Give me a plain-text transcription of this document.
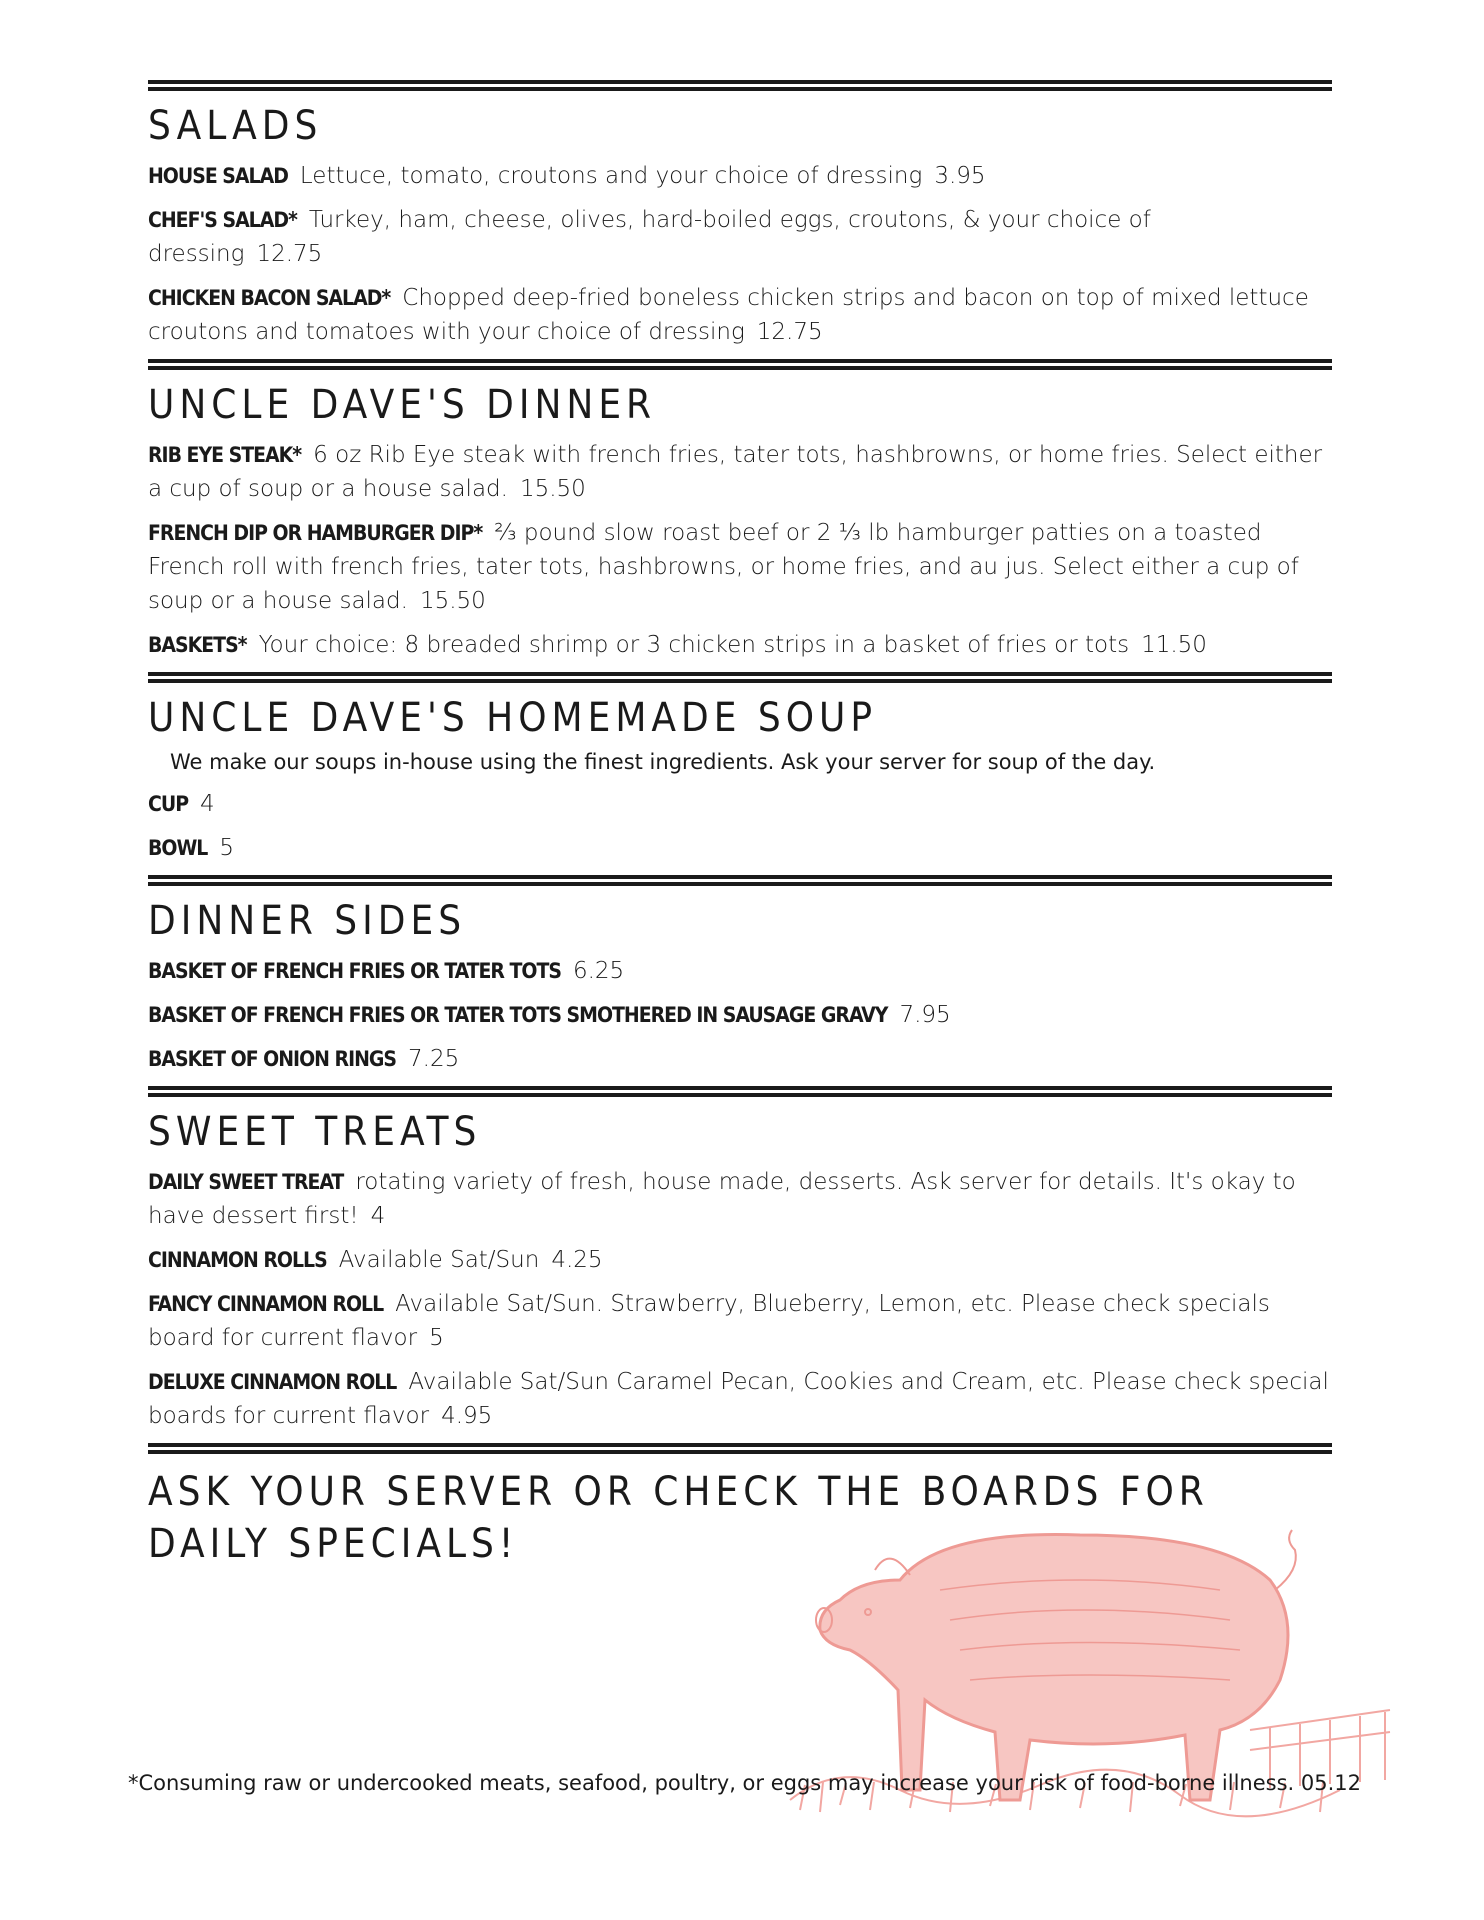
SALADS
HOUSE SALAD Lettuce, tomato, croutons and your choice of dressing 3.95
CHEF'S SALAD* Turkey, ham, cheese, olives, hard-boiled eggs, croutons, & your choice of dressing 12.75
CHICKEN BACON SALAD* Chopped deep-fried boneless chicken strips and bacon on top of mixed lettuce croutons and tomatoes with your choice of dressing 12.75
UNCLE DAVE'S DINNER
RIB EYE STEAK* 6 oz Rib Eye steak with french fries, tater tots, hashbrowns, or home fries. Select either a cup of soup or a house salad. 15.50
FRENCH DIP OR HAMBURGER DIP* ⅔ pound slow roast beef or 2 ⅓ lb hamburger patties on a toasted French roll with french fries, tater tots, hashbrowns, or home fries, and au jus. Select either a cup of soup or a house salad. 15.50
BASKETS* Your choice: 8 breaded shrimp or 3 chicken strips in a basket of fries or tots 11.50
UNCLE DAVE'S HOMEMADE SOUP
We make our soups in-house using the finest ingredients. Ask your server for soup of the day.
CUP 4
BOWL 5
DINNER SIDES
BASKET OF FRENCH FRIES OR TATER TOTS 6.25
BASKET OF FRENCH FRIES OR TATER TOTS SMOTHERED IN SAUSAGE GRAVY 7.95
BASKET OF ONION RINGS 7.25
SWEET TREATS
DAILY SWEET TREAT rotating variety of fresh, house made, desserts. Ask server for details. It's okay to have dessert first! 4
CINNAMON ROLLS Available Sat/Sun 4.25
FANCY CINNAMON ROLL Available Sat/Sun. Strawberry, Blueberry, Lemon, etc. Please check specials board for current flavor 5
DELUXE CINNAMON ROLL Available Sat/Sun Caramel Pecan, Cookies and Cream, etc. Please check special boards for current flavor 4.95
ASK YOUR SERVER OR CHECK THE BOARDS FOR DAILY SPECIALS!
*Consuming raw or undercooked meats, seafood, poultry, or eggs may increase your risk of food-borne illness. 05.12
